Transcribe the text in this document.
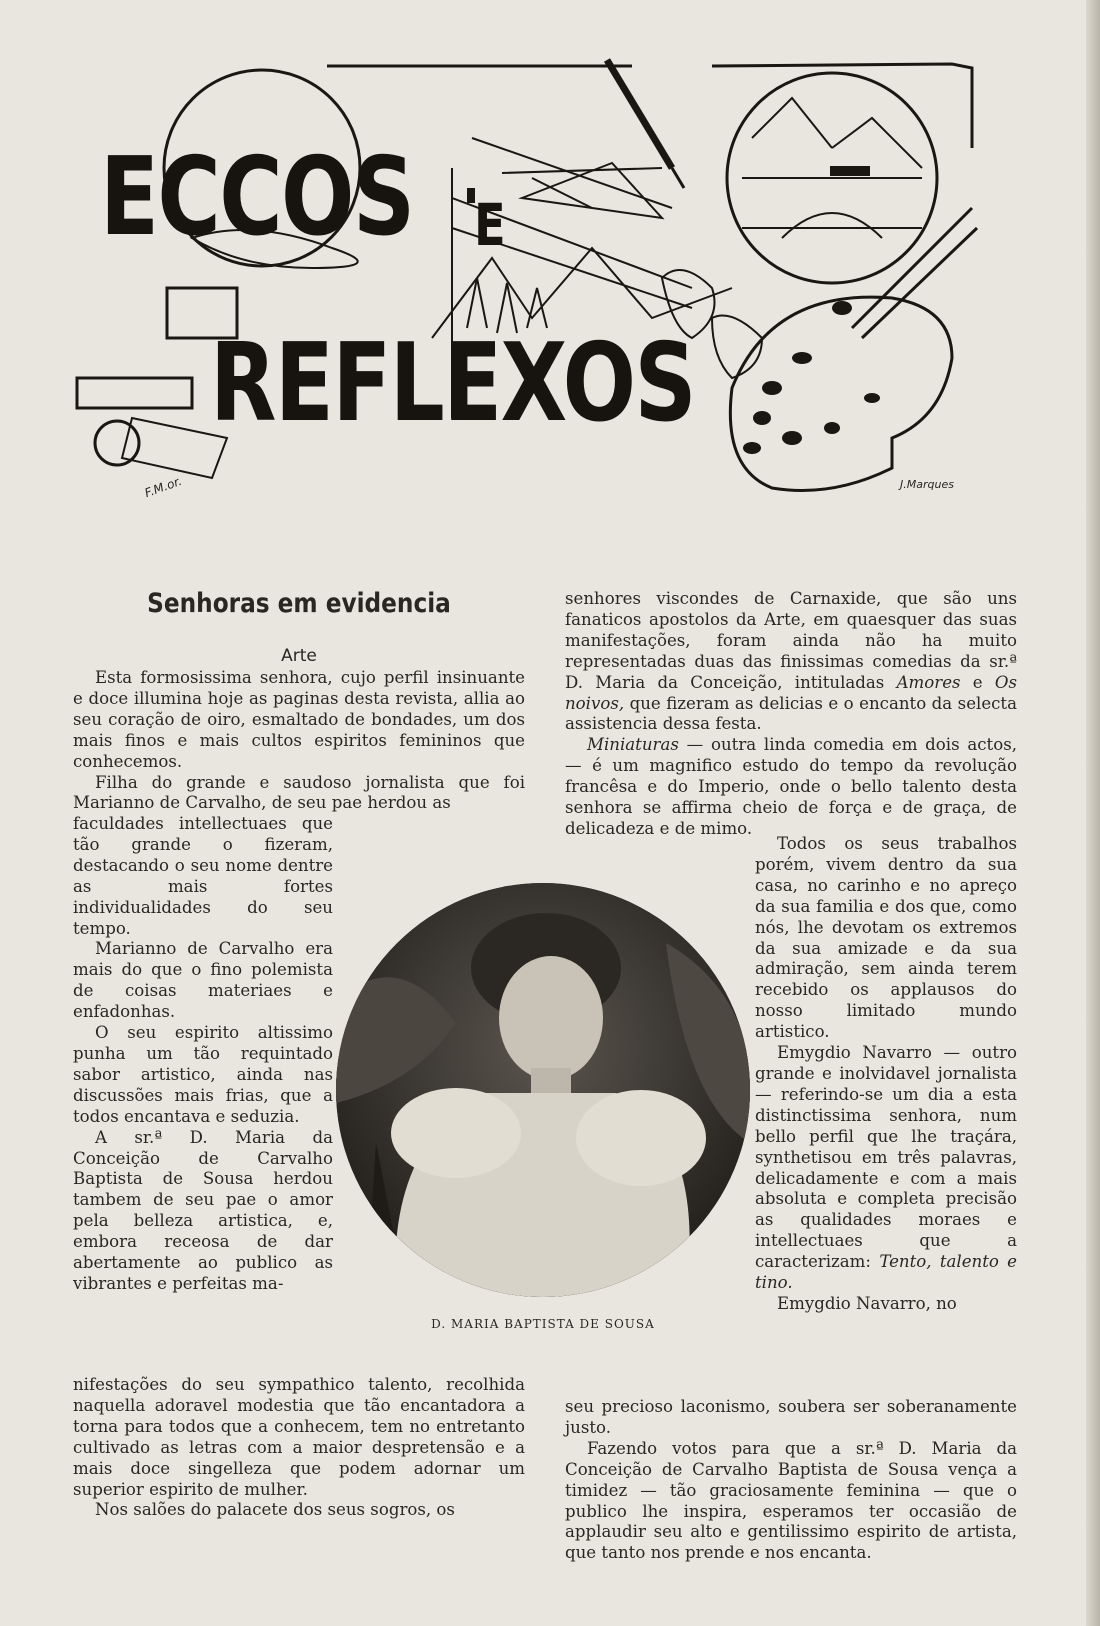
ECCOS E
REFLEXOS
F.M.or.	J.Marques
Senhoras em evidencia
Arte

Esta formosissima senhora, cujo perfil insinuante e doce illumina hoje as paginas desta revista, allia ao seu coração de oiro, esmaltado de bondades, um dos mais finos e mais cultos espiritos femininos que conhecemos.

Filha do grande e saudoso jornalista que foi Marianno de Carvalho, de seu pae herdou as

faculdades intellectuaes que tão grande o fizeram, destacando o seu nome dentre as mais fortes individualidades do seu tempo.

Marianno de Carvalho era mais do que o fino polemista de coisas materiaes e enfadonhas.

O seu espirito altissimo punha um tão requintado sabor artistico, ainda nas discussões mais frias, que a todos encantava e seduzia.

A sr.ª D. Maria da Conceição de Carvalho Baptista de Sousa herdou tambem de seu pae o amor pela belleza artistica, e, embora receosa de dar abertamente ao publico as vibrantes e perfeitas ma-

nifestações do seu sympathico talento, recolhida naquella adoravel modestia que tão encantadora a torna para todos que a conhecem, tem no entretanto cultivado as letras com a maior despretensão e a mais doce singelleza que podem adornar um superior espirito de mulher.

Nos salões do palacete dos seus sogros, os

senhores viscondes de Carnaxide, que são uns fanaticos apostolos da Arte, em quaesquer das suas manifestações, foram ainda não ha muito representadas duas das finissimas comedias da sr.ª D. Maria da Conceição, intituladas Amores e Os noivos, que fizeram as delicias e o encanto da selecta assistencia dessa festa.

Miniaturas — outra linda comedia em dois actos, — é um magnifico estudo do tempo da revolução francêsa e do Imperio, onde o bello talento desta senhora se affirma cheio de força e de graça, de delicadeza e de mimo.

Todos os seus trabalhos porém, vivem dentro da sua casa, no carinho e no apreço da sua familia e dos que, como nós, lhe devotam os extremos da sua amizade e da sua admiração, sem ainda terem recebido os applausos do nosso limitado mundo artistico.

Emygdio Navarro — outro grande e inolvidavel jornalista — referindo-se um dia a esta distinctissima senhora, num bello perfil que lhe traçára, synthetisou em três palavras, delicadamente e com a mais absoluta e completa precisão as qualidades moraes e intellectuaes que a caracterizam: Tento, talento e tino.

Emygdio Navarro, no

seu precioso laconismo, soubera ser soberanamente justo.

Fazendo votos para que a sr.ª D. Maria da Conceição de Carvalho Baptista de Sousa vença a timidez — tão graciosamente feminina — que o publico lhe inspira, esperamos ter occasião de applaudir seu alto e gentilissimo espirito de artista, que tanto nos prende e nos encanta.

D. MARIA BAPTISTA DE SOUSA
